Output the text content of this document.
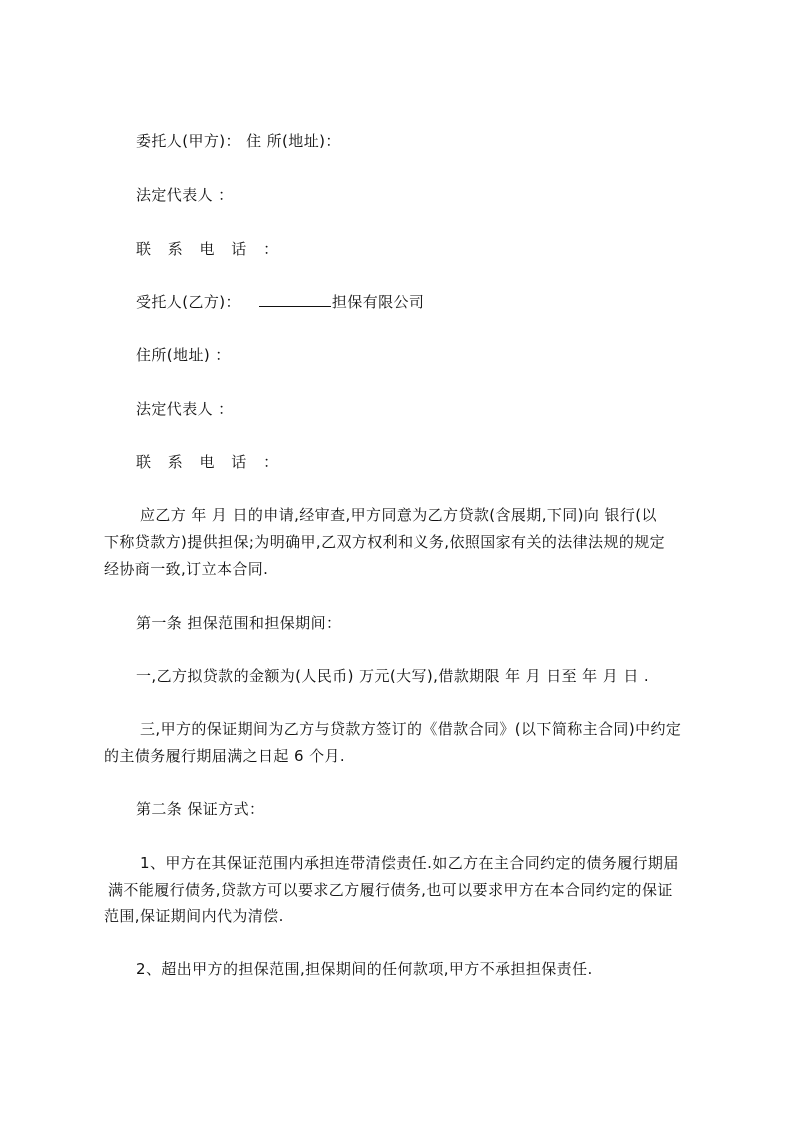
委托人(甲方)： 住 所(地址)：
法定代表人 ：
联 系 电 话 ：
受托人(乙方)：	担保有限公司
住所(地址) ：
法定代表人 ：
联 系 电 话 ：
应乙方 年 月 日的申请,经审查,甲方同意为乙方贷款(含展期,下同)向 银行(以
下称贷款方)提供担保;为明确甲,乙双方权利和义务,依照国家有关的法律法规的规定
经协商一致,订立本合同.
第一条 担保范围和担保期间：
一,乙方拟贷款的金额为(人民币) 万元(大写),借款期限 年 月 日至 年 月 日 .
三,甲方的保证期间为乙方与贷款方签订的《借款合同》(以下简称主合同)中约定
的主债务履行期届满之日起 6 个月.
第二条 保证方式：
1、甲方在其保证范围内承担连带清偿责任.如乙方在主合同约定的债务履行期届
满不能履行债务,贷款方可以要求乙方履行债务,也可以要求甲方在本合同约定的保证
范围,保证期间内代为清偿.
2、超出甲方的担保范围,担保期间的任何款项,甲方不承担担保责任.
